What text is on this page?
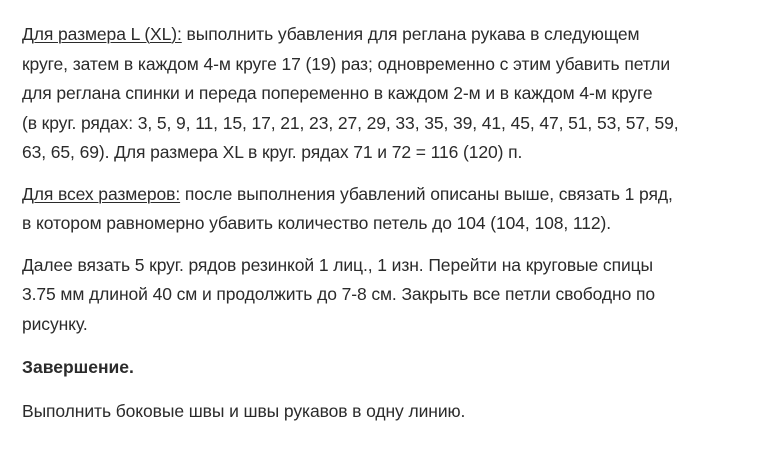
Для размера L (XL): выполнить убавления для реглана рукава в следующем
круге, затем в каждом 4-м круге 17 (19) раз; одновременно с этим убавить петли
для реглана спинки и переда попеременно в каждом 2-м и в каждом 4-м круге
(в круг. рядах: 3, 5, 9, 11, 15, 17, 21, 23, 27, 29, 33, 35, 39, 41, 45, 47, 51, 53, 57, 59,
63, 65, 69). Для размера XL в круг. рядах 71 и 72 = 116 (120) п.

Для всех размеров: после выполнения убавлений описаны выше, связать 1 ряд,
в котором равномерно убавить количество петель до 104 (104, 108, 112).

Далее вязать 5 круг. рядов резинкой 1 лиц., 1 изн. Перейти на круговые спицы
3.75 мм длиной 40 см и продолжить до 7-8 см. Закрыть все петли свободно по
рисунку.

Завершение.

Выполнить боковые швы и швы рукавов в одну линию.
